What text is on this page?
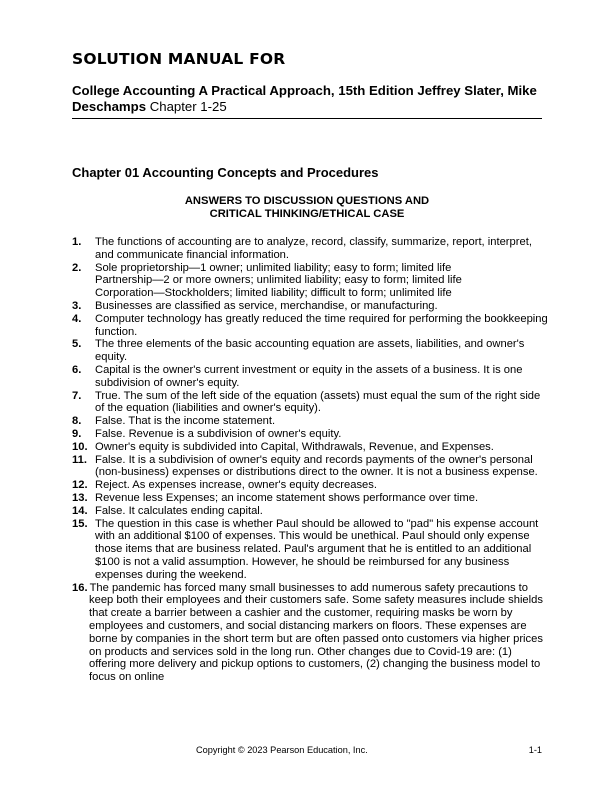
SOLUTION MANUAL FOR
College Accounting A Practical Approach, 15th Edition Jeffrey Slater, Mike Deschamps Chapter 1-25
Chapter 01 Accounting Concepts and Procedures
ANSWERS TO DISCUSSION QUESTIONS AND
CRITICAL THINKING/ETHICAL CASE
1. The functions of accounting are to analyze, record, classify, summarize, report, interpret, and communicate financial information.
2. Sole proprietorship—1 owner; unlimited liability; easy to form; limited life
Partnership—2 or more owners; unlimited liability; easy to form; limited life
Corporation—Stockholders; limited liability; difficult to form; unlimited life
3. Businesses are classified as service, merchandise, or manufacturing.
4. Computer technology has greatly reduced the time required for performing the bookkeeping function.
5. The three elements of the basic accounting equation are assets, liabilities, and owner's equity.
6. Capital is the owner's current investment or equity in the assets of a business. It is one subdivision of owner's equity.
7. True. The sum of the left side of the equation (assets) must equal the sum of the right side of the equation (liabilities and owner's equity).
8. False. That is the income statement.
9. False. Revenue is a subdivision of owner's equity.
10. Owner's equity is subdivided into Capital, Withdrawals, Revenue, and Expenses.
11. False. It is a subdivision of owner's equity and records payments of the owner's personal (non-business) expenses or distributions direct to the owner. It is not a business expense.
12. Reject. As expenses increase, owner's equity decreases.
13. Revenue less Expenses; an income statement shows performance over time.
14. False. It calculates ending capital.
15. The question in this case is whether Paul should be allowed to "pad" his expense account with an additional $100 of expenses. This would be unethical. Paul should only expense those items that are business related. Paul's argument that he is entitled to an additional $100 is not a valid assumption. However, he should be reimbursed for any business expenses during the weekend.
16. The pandemic has forced many small businesses to add numerous safety precautions to keep both their employees and their customers safe. Some safety measures include shields that create a barrier between a cashier and the customer, requiring masks be worn by employees and customers, and social distancing markers on floors. These expenses are borne by companies in the short term but are often passed onto customers via higher prices on products and services sold in the long run. Other changes due to Covid-19 are: (1) offering more delivery and pickup options to customers, (2) changing the business model to focus on online
Copyright © 2023 Pearson Education, Inc.	1-1
